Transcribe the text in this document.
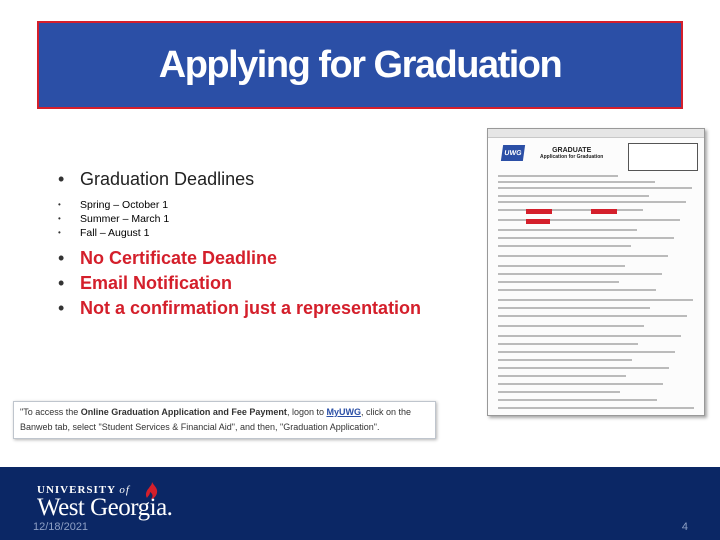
Applying for Graduation
• Graduation Deadlines
•	Spring – October 1
•	Summer – March 1
•	Fall – August 1
• No Certificate Deadline
• Email Notification
• Not a confirmation just a representation
UWG	GRADUATE
Application for Graduation
"To access the Online Graduation Application and Fee Payment, logon to MyUWG, click on the Banweb tab, select "Student Services & Financial Aid", and then, "Graduation Application".
UNIVERSITY of
West Georgia.
12/18/2021	4
